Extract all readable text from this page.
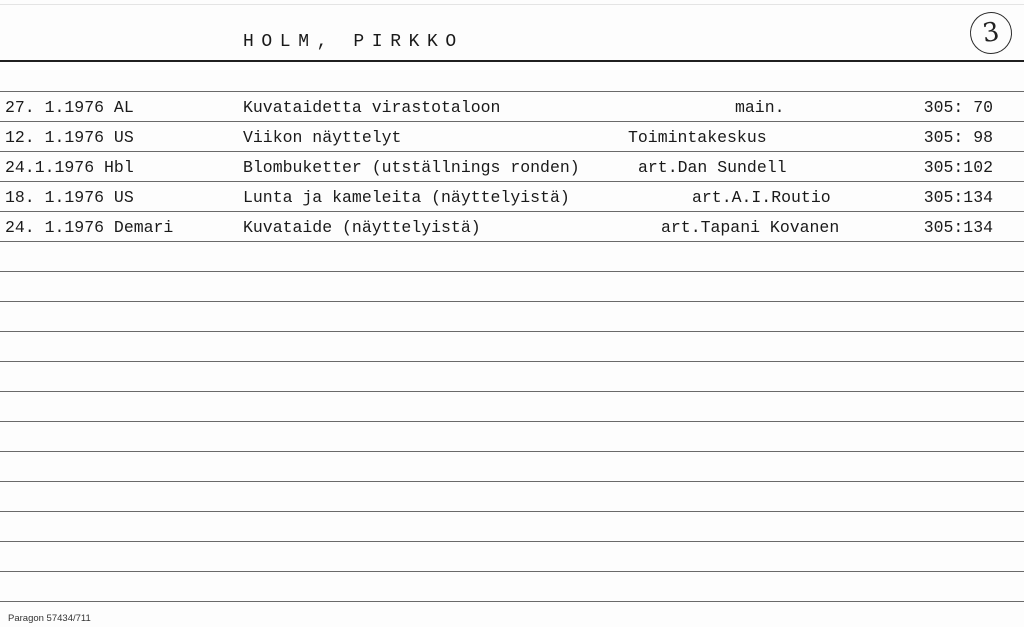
HOLM, PIRKKO	3
27. 1.1976 AL	Kuvataidetta virastotaloon	main.	305: 70
12. 1.1976 US	Viikon näyttelyt	Toimintakeskus	305: 98
24.1.1976 Hbl	Blombuketter (utställnings ronden)	art.Dan Sundell	305:102
18. 1.1976 US	Lunta ja kameleita (näyttelyistä)	art.A.I.Routio	305:134
24. 1.1976 Demari	Kuvataide (näyttelyistä)	art.Tapani Kovanen	305:134
Paragon 57434/711
